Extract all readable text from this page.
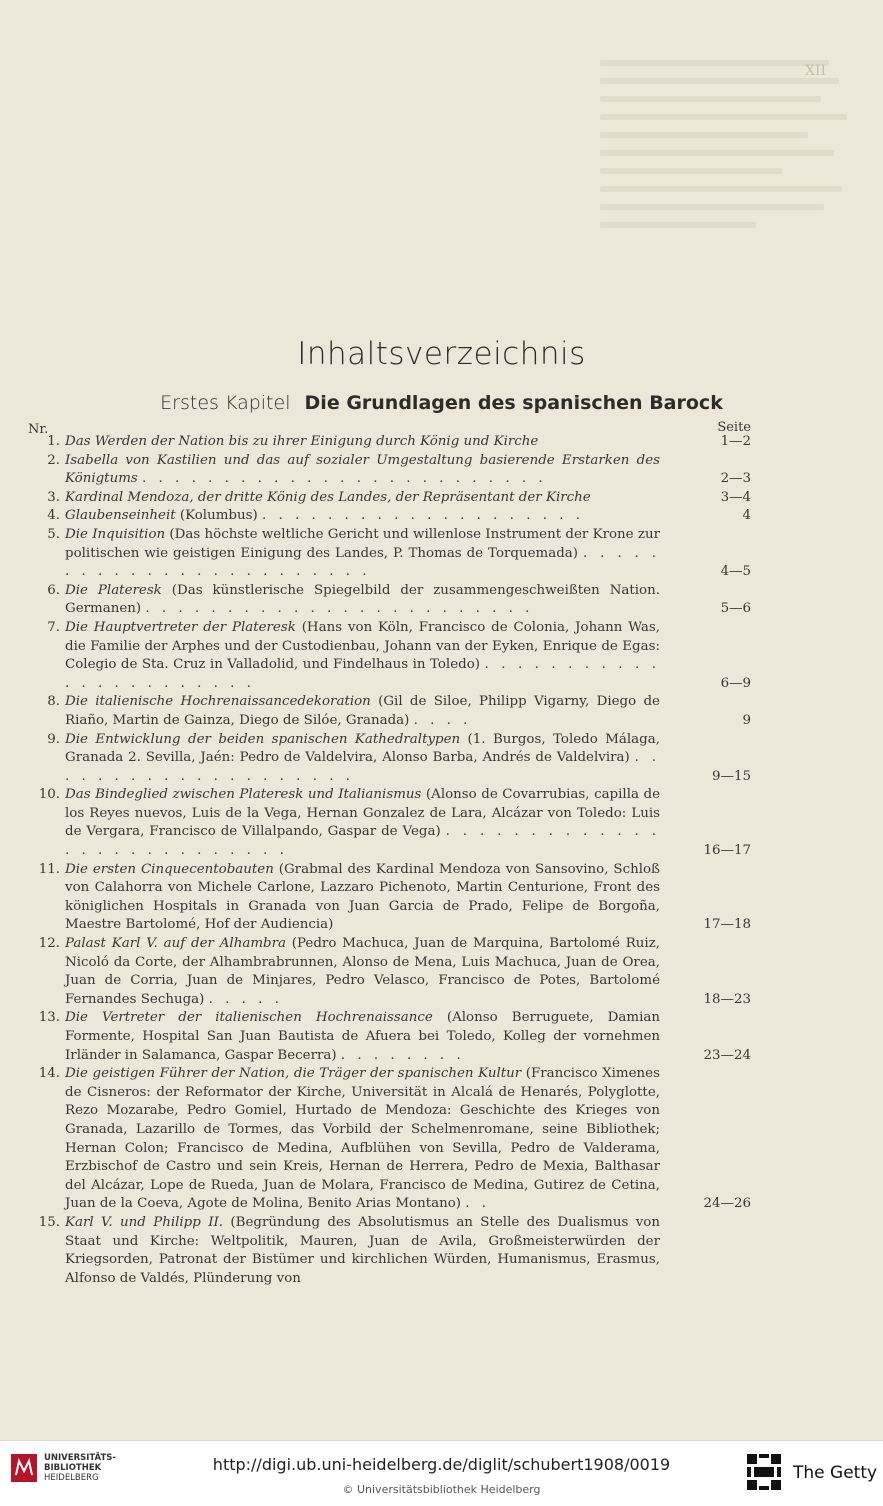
XII
Inhaltsverzeichnis
Erstes Kapitel Die Grundlagen des spanischen Barock
Nr.	Seite
1. Das Werden der Nation bis zu ihrer Einigung durch König und Kirche	1—2
2. Isabella von Kastilien und das auf sozialer Umgestaltung basierende Erstarken des Königtums . . . . . . . . . . . . . . . . . . . . . . . . .	2—3
3. Kardinal Mendoza, der dritte König des Landes, der Repräsentant der Kirche	3—4
4. Glaubenseinheit (Kolumbus) . . . . . . . . . . . . . . . . . . . .	4
5. Die Inquisition (Das höchste weltliche Gericht und willenlose Instrument der Krone zur politischen wie geistigen Einigung des Landes, P. Thomas de Torquemada) . . . . . . . . . . . . . . . . . . . . . . . .	4—5
6. Die Plateresk (Das künstlerische Spiegelbild der zusammengeschweißten Nation. Germanen) . . . . . . . . . . . . . . . . . . . . . . . .	5—6
7. Die Hauptvertreter der Plateresk (Hans von Köln, Francisco de Colonia, Johann Was, die Familie der Arphes und der Custodienbau, Johann van der Eyken, Enrique de Egas: Colegio de Sta. Cruz in Valladolid, und Findelhaus in Toledo) . . . . . . . . . . . . . . . . . . . . . . .	6—9
8. Die italienische Hochrenaissancedekoration (Gil de Siloe, Philipp Vigarny, Diego de Riaño, Martin de Gainza, Diego de Silóe, Granada) . . . .	9
9. Die Entwicklung der beiden spanischen Kathedraltypen (1. Burgos, Toledo Málaga, Granada 2. Sevilla, Jaén: Pedro de Valdelvira, Alonso Barba, Andrés de Valdelvira) . . . . . . . . . . . . . . . . . . . .	9—15
10. Das Bindeglied zwischen Plateresk und Italianismus (Alonso de Covarrubias, capilla de los Reyes nuevos, Luis de la Vega, Hernan Gonzalez de Lara, Alcázar von Toledo: Luis de Vergara, Francisco de Villalpando, Gaspar de Vega) . . . . . . . . . . . . . . . . . . . . . . . . . . .	16—17
11. Die ersten Cinquecentobauten (Grabmal des Kardinal Mendoza von Sansovino, Schloß von Calahorra von Michele Carlone, Lazzaro Pichenoto, Martin Centurione, Front des königlichen Hospitals in Granada von Juan Garcia de Prado, Felipe de Borgoña, Maestre Bartolomé, Hof der Audiencia)	17—18
12. Palast Karl V. auf der Alhambra (Pedro Machuca, Juan de Marquina, Bartolomé Ruiz, Nicoló da Corte, der Alhambrabrunnen, Alonso de Mena, Luis Machuca, Juan de Orea, Juan de Corria, Juan de Minjares, Pedro Velasco, Francisco de Potes, Bartolomé Fernandes Sechuga) . . . . .	18—23
13. Die Vertreter der italienischen Hochrenaissance (Alonso Berruguete, Damian Formente, Hospital San Juan Bautista de Afuera bei Toledo, Kolleg der vornehmen Irländer in Salamanca, Gaspar Becerra) . . . . . . . .	23—24
14. Die geistigen Führer der Nation, die Träger der spanischen Kultur (Francisco Ximenes de Cisneros: der Reformator der Kirche, Universität in Alcalá de Henarés, Polyglotte, Rezo Mozarabe, Pedro Gomiel, Hurtado de Mendoza: Geschichte des Krieges von Granada, Lazarillo de Tormes, das Vorbild der Schelmenromane, seine Bibliothek; Hernan Colon; Francisco de Medina, Aufblühen von Sevilla, Pedro de Valderama, Erzbischof de Castro und sein Kreis, Hernan de Herrera, Pedro de Mexia, Balthasar del Alcázar, Lope de Rueda, Juan de Molara, Francisco de Medina, Gutirez de Cetina, Juan de la Coeva, Agote de Molina, Benito Arias Montano) . .	24—26
15. Karl V. und Philipp II. (Begründung des Absolutismus an Stelle des Dualismus von Staat und Kirche: Weltpolitik, Mauren, Juan de Avila, Großmeisterwürden der Kriegsorden, Patronat der Bistümer und kirchlichen Würden, Humanismus, Erasmus, Alfonso de Valdés, Plünderung von
UNIVERSITÄTS-
BIBLIOTHEK
HEIDELBERG
http://digi.ub.uni-heidelberg.de/diglit/schubert1908/0019
© Universitätsbibliothek Heidelberg
The Getty
